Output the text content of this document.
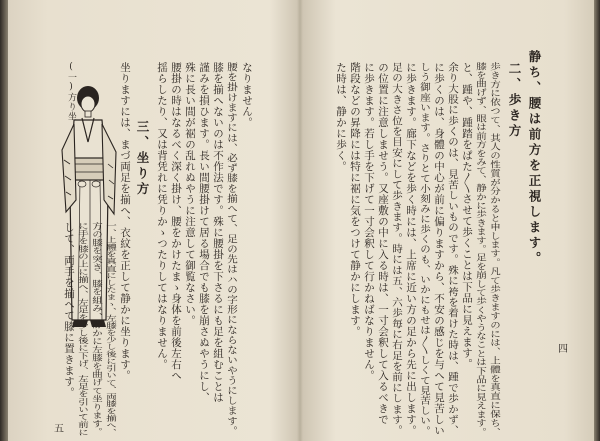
(一)方り坐	なりません。
腰を掛けますには、必ず膝を揃へて、足の先はハの字形にならないやうにします。
膝を揃へないのは不作法です。殊に腰掛を下さるにも足を組むことは
謹みを損ひます。長い間腰掛けて居る場合でも膝を崩さぬやうにし、
殊に長い間が裾の乱れぬやうに注意して御覧なさい。
腰掛の時はなるべく深く掛け、腰をかけたまゝ身体を前後左右へ
揺らしたり、又は背凭れに凭りかゝつたりしてはなりません。
三、坐り方
坐りますには、まづ両足を揃へ、衣紋を正して静かに坐ります。
一、上體を真直にしたまゝ、左膝を少し後に引いて、両膝を揃へ、
方の膝を突き、膝を組み、静かに左膝を曲げて坐ります。
に手を膝の上に揃へ、左足を少し後に下げ、左足を引いて前に
して、両手を揃へて膝に置きます。
五
静ち、腰は前方を正視します。
二、歩き方
歩き方に依つて、其人の性質が分かると申します。凡て歩きますのには、上體を真直に保ち、
膝を曲げず、眼は前方をみて、静かに歩きます。足を崩して歩くやうなことは下品に見えます。
と、踵や、踵踏をぱた〳〵させて歩くことは下品に見えます。
余り大股に歩くのは、見苦しいものです。殊に袴を着けた時は、踵で歩かず、
に歩くのは、身體の中心が前に偏りますから、不安の感じを与へて見苦しい
しう御座います。さりとて小刻みに歩くのも、いかにもせは〳〵しくて見苦しい。
に歩きます。廊下などを歩く時には、上席に近い方の足から先に出します。
足の大きさ位を目安にして歩きます。時には五、六歩毎に右足を前にします。
の位置に注意しませう。又座敷の中に入る時は、一寸会釈して入るべきで
に歩きます。若し手を下げて一寸会釈して行かねばなりません。
階段などの昇降には特に裾に気をつけて静かにします。
た時は、静かに歩く。
四
